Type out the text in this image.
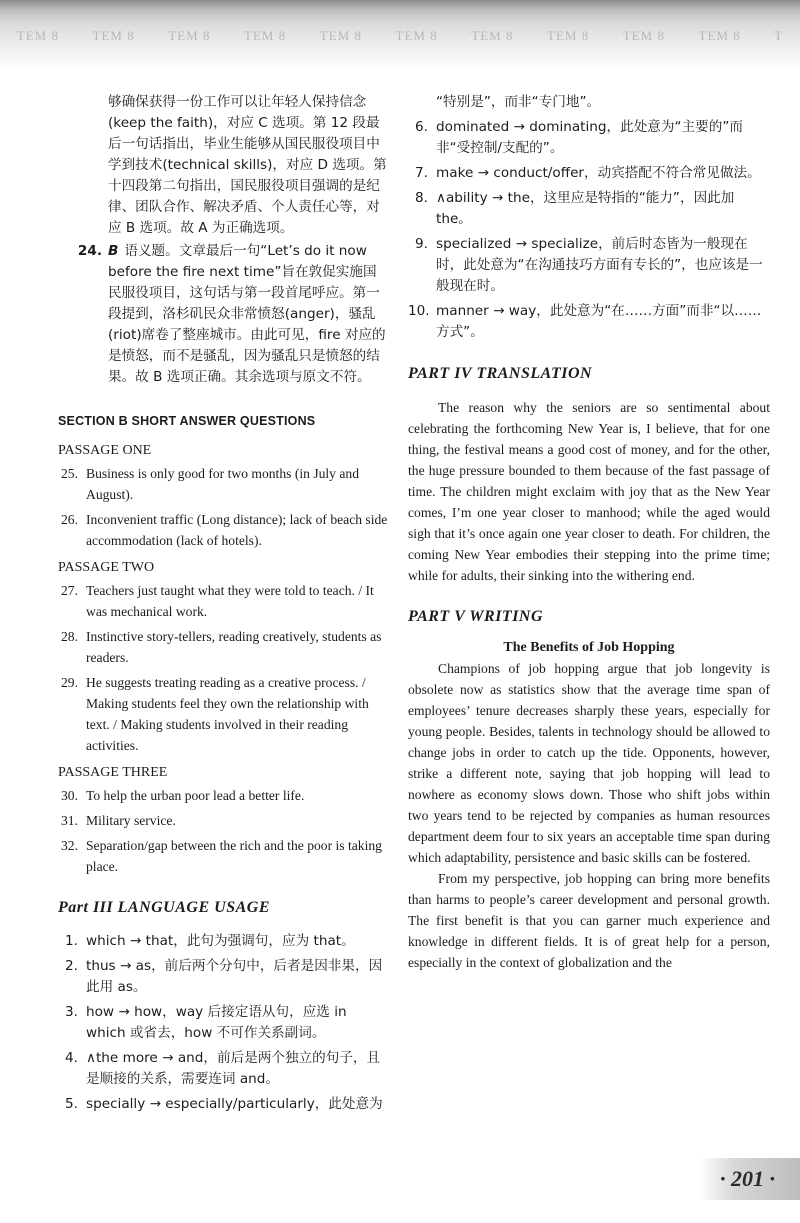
TEM 8	TEM 8	TEM 8	TEM 8	TEM 8	TEM 8	TEM 8	TEM 8	TEM 8	TEM 8	T
够确保获得一份工作可以让年轻人保持信念(keep the faith)，对应 C 选项。第 12 段最后一句话指出，毕业生能够从国民服役项目中学到技术(technical skills)，对应 D 选项。第十四段第二句指出，国民服役项目强调的是纪律、团队合作、解决矛盾、个人责任心等，对应 B 选项。故 A 为正确选项。
24. B 语义题。文章最后一句“Let’s do it now before the fire next time”旨在敦促实施国民服役项目，这句话与第一段首尾呼应。第一段提到，洛杉矶民众非常愤怒(anger)，骚乱(riot)席卷了整座城市。由此可见，fire 对应的是愤怒，而不是骚乱，因为骚乱只是愤怒的结果。故 B 选项正确。其余选项与原文不符。
SECTION B SHORT ANSWER QUESTIONS
PASSAGE ONE
25. Business is only good for two months (in July and August).
26. Inconvenient traffic (Long distance); lack of beach side accommodation (lack of hotels).
PASSAGE TWO
27. Teachers just taught what they were told to teach. / It was mechanical work.
28. Instinctive story-tellers, reading creatively, students as readers.
29. He suggests treating reading as a creative process. / Making students feel they own the relationship with text. / Making students involved in their reading activities.
PASSAGE THREE
30. To help the urban poor lead a better life.
31. Military service.
32. Separation/gap between the rich and the poor is taking place.
Part III LANGUAGE USAGE
1. which → that，此句为强调句，应为 that。
2. thus → as，前后两个分句中，后者是因非果，因此用 as。
3. how → how，way 后接定语从句，应选 in which 或省去，how 不可作关系副词。
4. ∧the more → and，前后是两个独立的句子，且是顺接的关系，需要连词 and。
5. specially → especially/particularly，此处意为
“特别是”，而非“专门地”。
6. dominated → dominating，此处意为“主要的”而非“受控制/支配的”。
7. make → conduct/offer，动宾搭配不符合常见做法。
8. ∧ability → the，这里应是特指的“能力”，因此加 the。
9. specialized → specialize，前后时态皆为一般现在时，此处意为“在沟通技巧方面有专长的”，也应该是一般现在时。
10. manner → way，此处意为“在……方面”而非“以……方式”。
PART IV TRANSLATION

The reason why the seniors are so sentimental about celebrating the forthcoming New Year is, I believe, that for one thing, the festival means a good cost of money, and for the other, the huge pressure bounded to them because of the fast passage of time. The children might exclaim with joy that as the New Year comes, I’m one year closer to manhood; while the aged would sigh that it’s once again one year closer to death. For children, the coming New Year embodies their stepping into the prime time; while for adults, their sinking into the withering end.

PART V WRITING
The Benefits of Job Hopping

Champions of job hopping argue that job longevity is obsolete now as statistics show that the average time span of employees’ tenure decreases sharply these years, especially for young people. Besides, talents in technology should be allowed to change jobs in order to catch up the tide. Opponents, however, strike a different note, saying that job hopping will lead to nowhere as economy slows down. Those who shift jobs within two years tend to be rejected by companies as human resources department deem four to six years an acceptable time span during which adaptability, persistence and basic skills can be fostered.

From my perspective, job hopping can bring more benefits than harms to people’s career development and personal growth. The first benefit is that you can garner much experience and knowledge in different fields. It is of great help for a person, especially in the context of globalization and the

· 201 ·
